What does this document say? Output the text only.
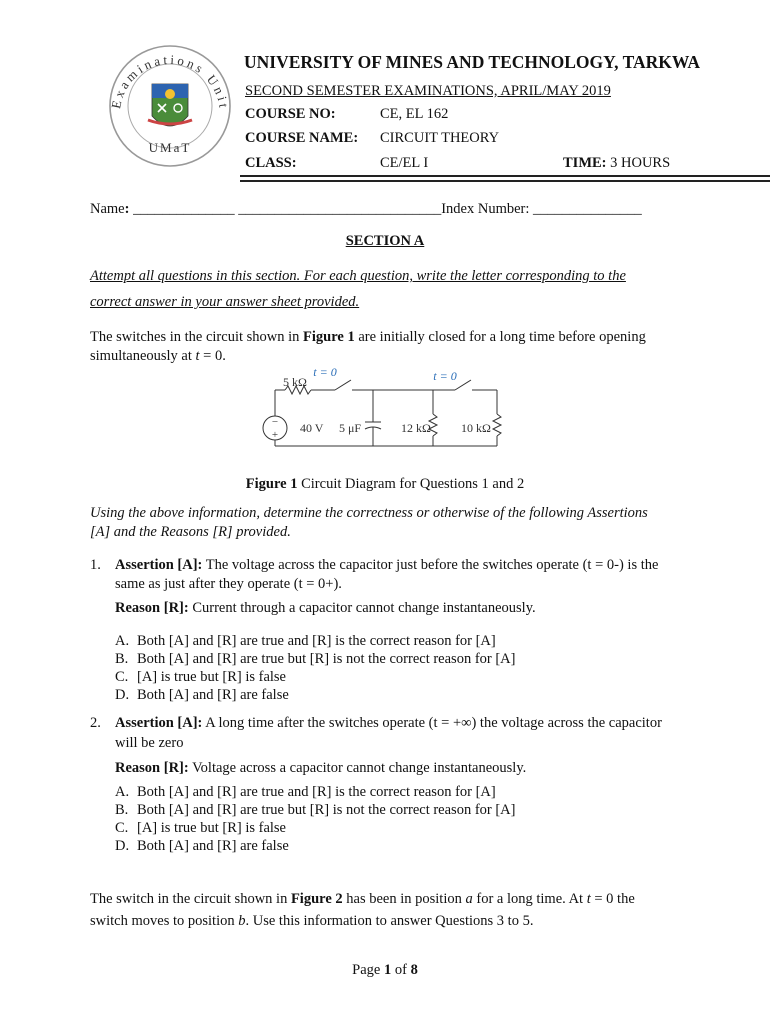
Examinations Unit
UMaT
UNIVERSITY OF MINES AND TECHNOLOGY, TARKWA
SECOND SEMESTER EXAMINATIONS, APRIL/MAY 2019
COURSE NO:	CE, EL 162
COURSE NAME: CIRCUIT THEORY
CLASS:	CE/EL I	TIME: 3 HOURS
Name: ______________ ____________________________Index Number: _______________
SECTION A
Attempt all questions in this section. For each question, write the letter corresponding to the
correct answer in your answer sheet provided.
The switches in the circuit shown in Figure 1 are initially closed for a long time before opening
simultaneously at t = 0.
t = 0	t = 0
5 kΩ
−
+ 40 V 5 μF	12 kΩ	10 kΩ
Figure 1 Circuit Diagram for Questions 1 and 2
Using the above information, determine the correctness or otherwise of the following Assertions
[A] and the Reasons [R] provided.
1. Assertion [A]: The voltage across the capacitor just before the switches operate (t = 0-) is the
same as just after they operate (t = 0+).
Reason [R]: Current through a capacitor cannot change instantaneously.
A. Both [A] and [R] are true and [R] is the correct reason for [A]
B. Both [A] and [R] are true but [R] is not the correct reason for [A]
C. [A] is true but [R] is false
D. Both [A] and [R] are false
2. Assertion [A]: A long time after the switches operate (t = +∞) the voltage across the capacitor
will be zero
Reason [R]: Voltage across a capacitor cannot change instantaneously.
A. Both [A] and [R] are true and [R] is the correct reason for [A]
B. Both [A] and [R] are true but [R] is not the correct reason for [A]
C. [A] is true but [R] is false
D. Both [A] and [R] are false
The switch in the circuit shown in Figure 2 has been in position a for a long time. At t = 0 the
switch moves to position b. Use this information to answer Questions 3 to 5.
Page 1 of 8
